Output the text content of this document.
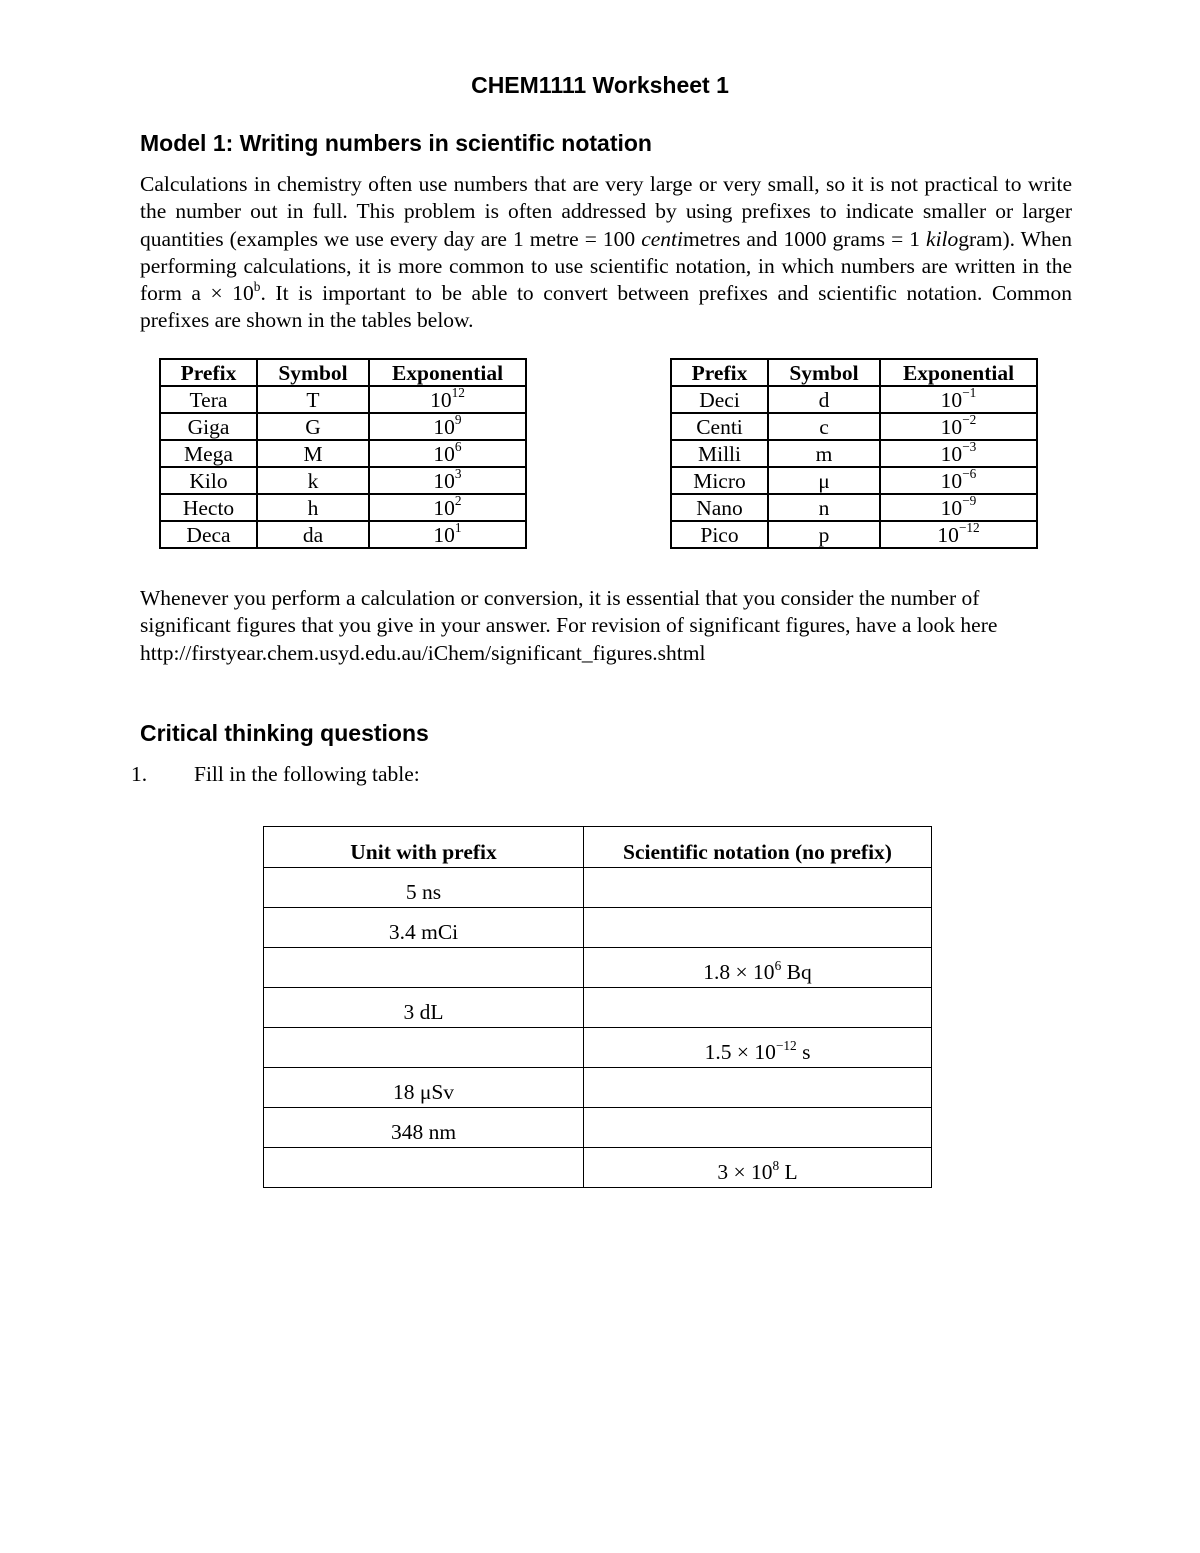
CHEM1111 Worksheet 1
Model 1: Writing numbers in scientific notation

Calculations in chemistry often use numbers that are very large or very small, so it is not practical to write the number out in full. This problem is often addressed by using prefixes to indicate smaller or larger quantities (examples we use every day are 1 metre = 100 centimetres and 1000 grams = 1 kilogram). When performing calculations, it is more common to use scientific notation, in which numbers are written in the form $a \times 10^b$. It is important to be able to convert between prefixes and scientific notation. Common prefixes are shown in the tables below.

Prefix	Symbol	Exponential
Tera	T	$10^{12}$
Giga	G	$10^9$
Mega	M	$10^6$
Kilo	k	$10^3$
Hecto	h	$10^2$
Deca	da	$10^1$
Prefix	Symbol	Exponential
Deci	d	$10^{-1}$
Centi	c	$10^{-2}$
Milli	m	$10^{-3}$
Micro	μ	$10^{-6}$
Nano	n	$10^{-9}$
Pico	p	$10^{-12}$

Whenever you perform a calculation or conversion, it is essential that you consider the number of significant figures that you give in your answer. For revision of significant figures, have a look here http://firstyear.chem.usyd.edu.au/iChem/significant_figures.shtml

Critical thinking questions

1. Fill in the following table:

Unit with prefix	Scientific notation (no prefix)
5 ns	
3.4 mCi	
	$1.8 \times 10^6$ Bq
3 dL	
	$1.5 \times 10^{-12}$ s
18 μSv	
348 nm	
	$3 \times 10^8$ L
